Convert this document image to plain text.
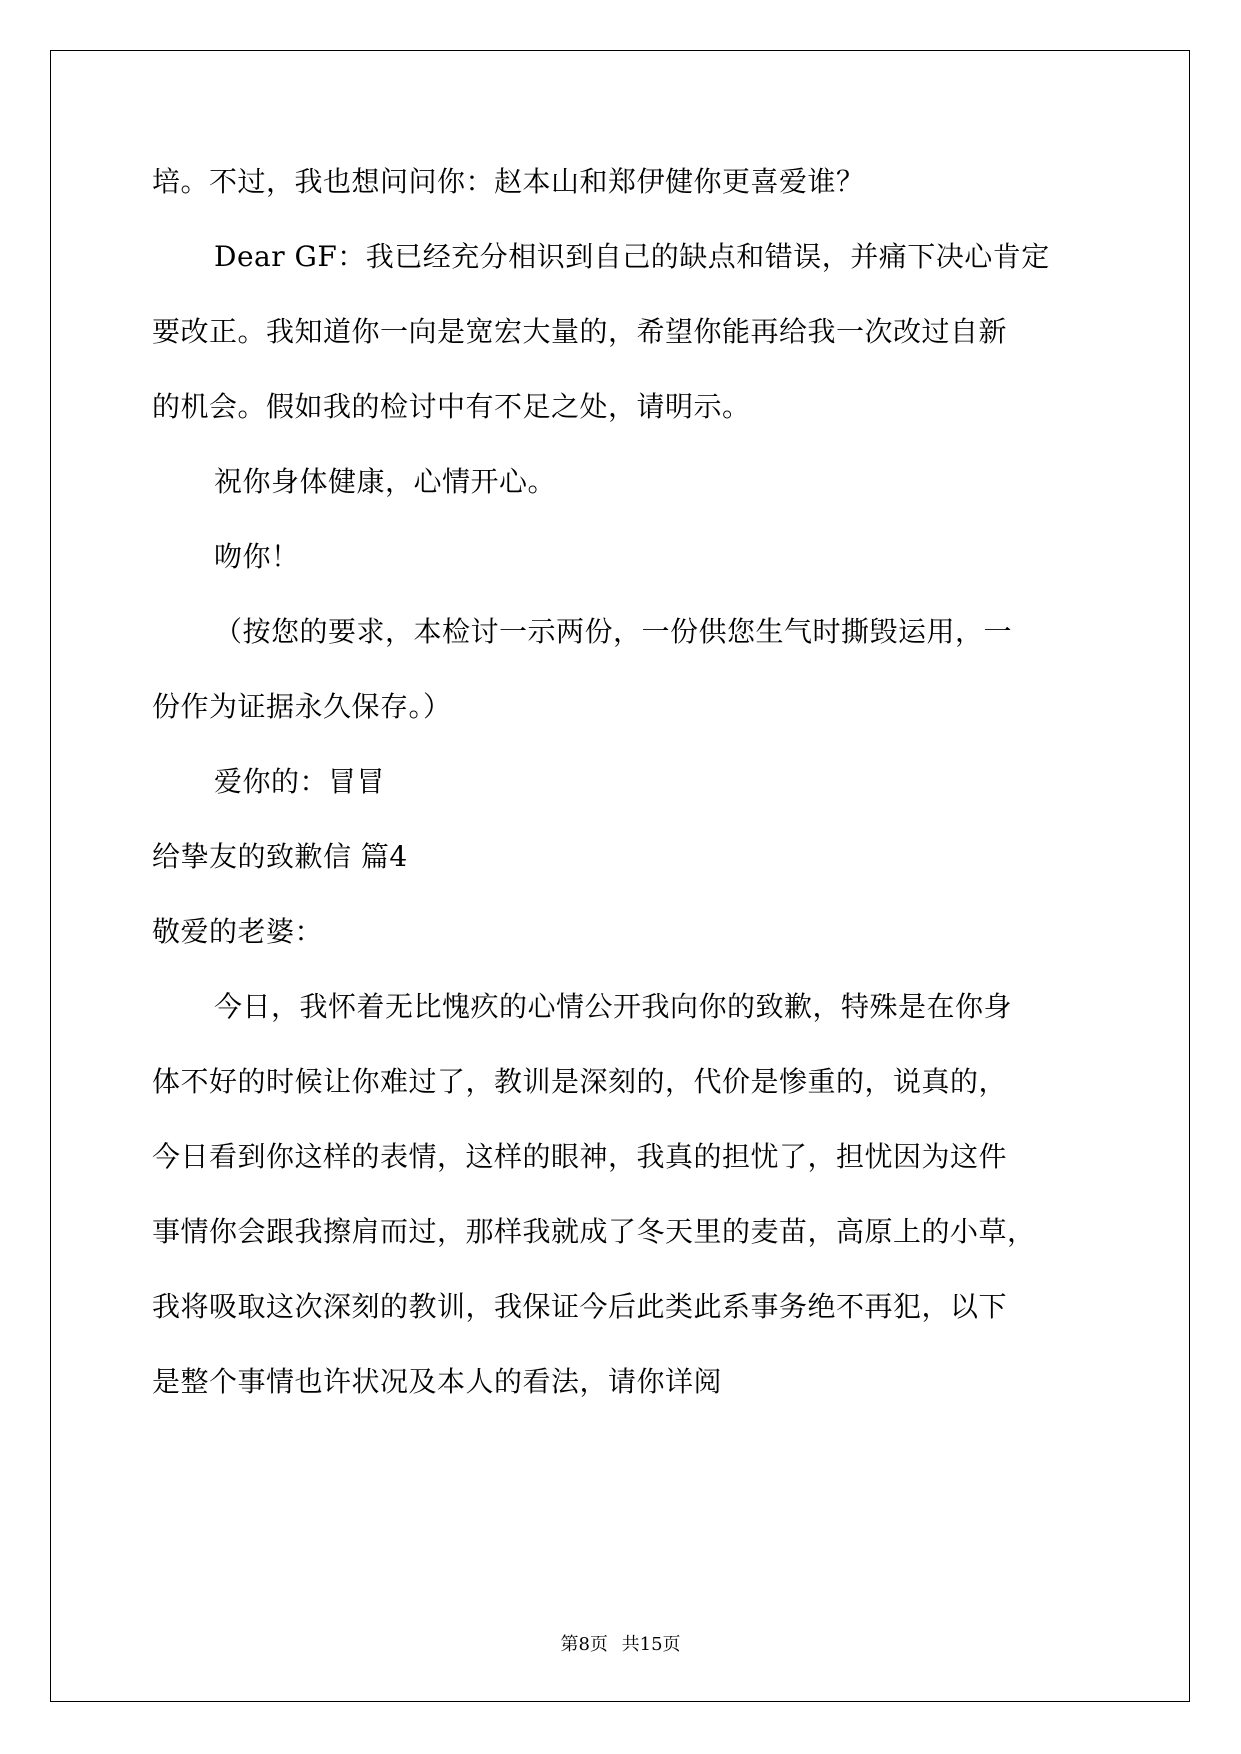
培。不过，我也想问问你：赵本山和郑伊健你更喜爱谁？
Dear GF：我已经充分相识到自己的缺点和错误，并痛下决心肯定
要改正。我知道你一向是宽宏大量的，希望你能再给我一次改过自新
的机会。假如我的检讨中有不足之处，请明示。
祝你身体健康，心情开心。
吻你！
（按您的要求，本检讨一示两份，一份供您生气时撕毁运用，一
份作为证据永久保存。）
爱你的：冒冒
给挚友的致歉信 篇4
敬爱的老婆：
今日，我怀着无比愧疚的心情公开我向你的致歉，特殊是在你身
体不好的时候让你难过了，教训是深刻的，代价是惨重的，说真的，
今日看到你这样的表情，这样的眼神，我真的担忧了，担忧因为这件
事情你会跟我擦肩而过，那样我就成了冬天里的麦苗，高原上的小草，
我将吸取这次深刻的教训，我保证今后此类此系事务绝不再犯，以下
是整个事情也许状况及本人的看法，请你详阅
第8页 共15页
